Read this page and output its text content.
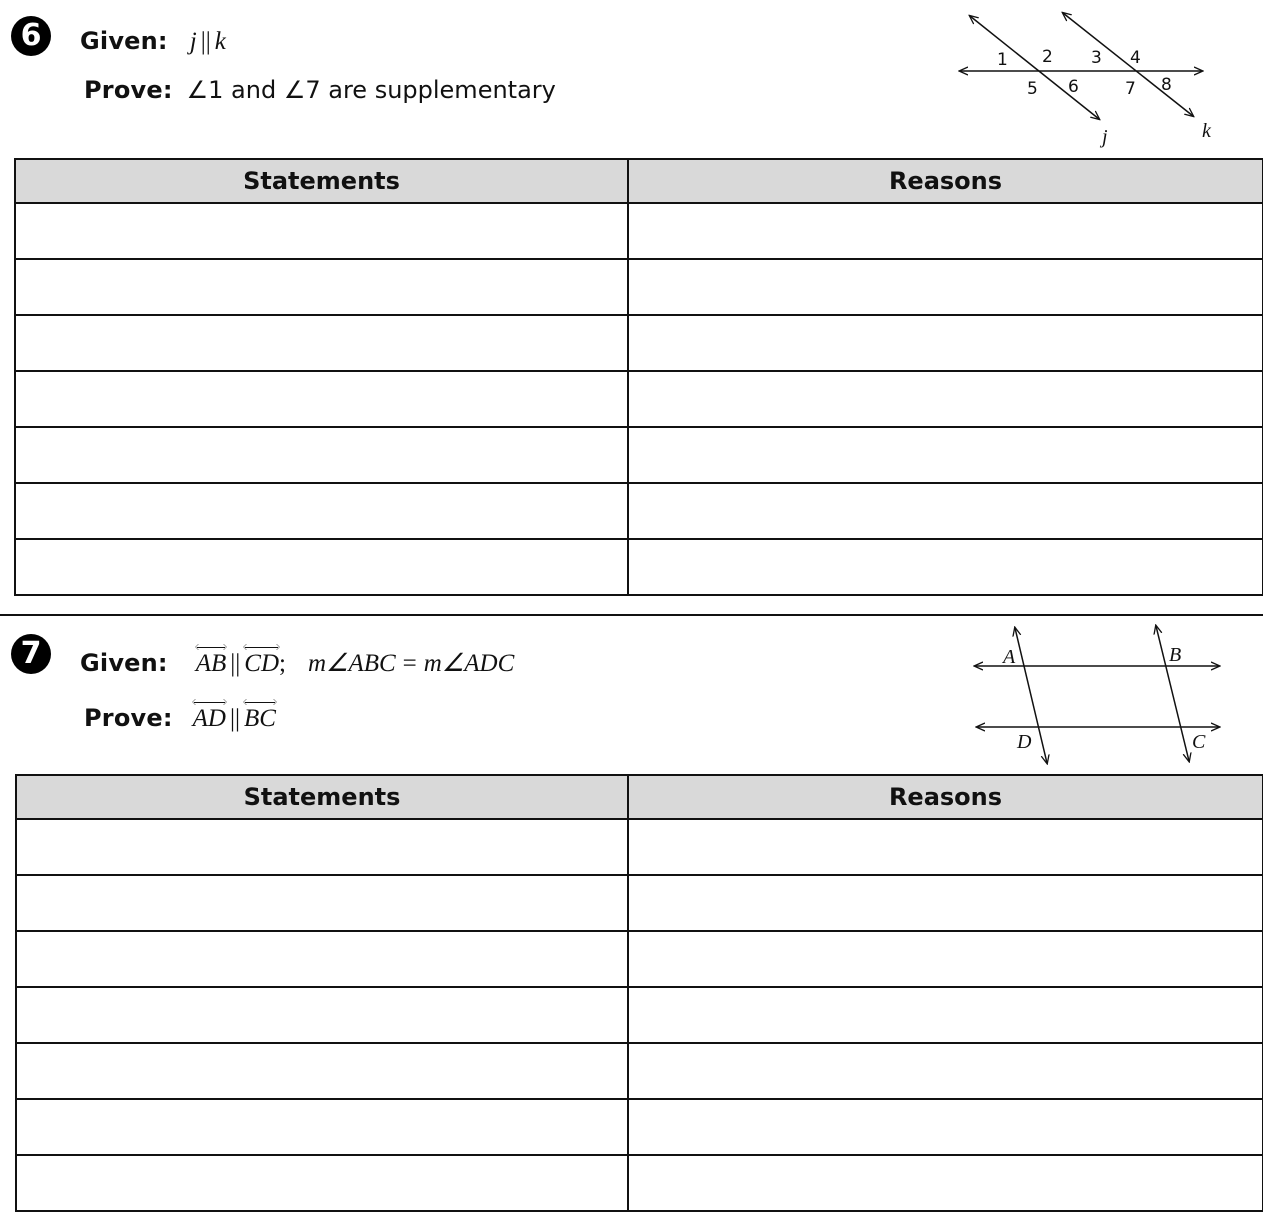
6	Given: j || k
Prove: ∠1 and ∠7 are supplementary
1 2 3 4
5 6	7 8
j	k
Statements	Reasons

7	Given: AB || CD ; m∠ABC = m∠ADC
Prove: AD || BC
A	B
D	C
Statements	Reasons
